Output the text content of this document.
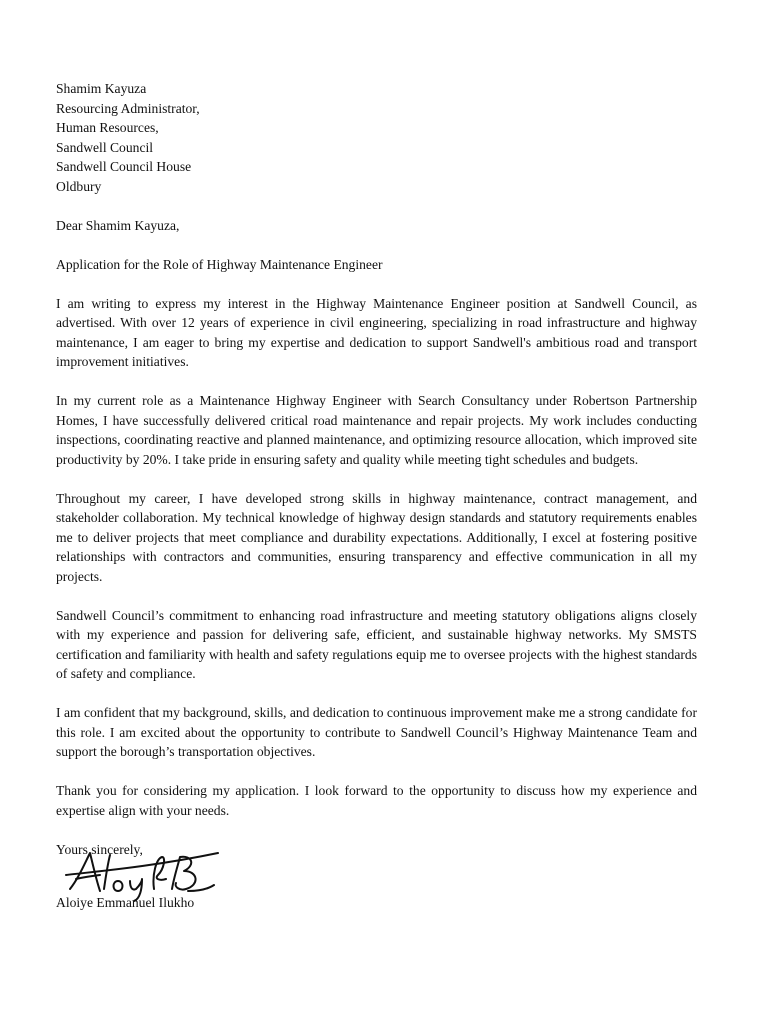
Shamim Kayuza
Resourcing Administrator,
Human Resources,
Sandwell Council
Sandwell Council House
Oldbury
Dear Shamim Kayuza,
Application for the Role of Highway Maintenance Engineer

I am writing to express my interest in the Highway Maintenance Engineer position at Sandwell Council, as advertised. With over 12 years of experience in civil engineering, specializing in road infrastructure and highway maintenance, I am eager to bring my expertise and dedication to support Sandwell's ambitious road and transport improvement initiatives.

In my current role as a Maintenance Highway Engineer with Search Consultancy under Robertson Partnership Homes, I have successfully delivered critical road maintenance and repair projects. My work includes conducting inspections, coordinating reactive and planned maintenance, and optimizing resource allocation, which improved site productivity by 20%. I take pride in ensuring safety and quality while meeting tight schedules and budgets.

Throughout my career, I have developed strong skills in highway maintenance, contract management, and stakeholder collaboration. My technical knowledge of highway design standards and statutory requirements enables me to deliver projects that meet compliance and durability expectations. Additionally, I excel at fostering positive relationships with contractors and communities, ensuring transparency and effective communication in all my projects.

Sandwell Council’s commitment to enhancing road infrastructure and meeting statutory obligations aligns closely with my experience and passion for delivering safe, efficient, and sustainable highway networks. My SMSTS certification and familiarity with health and safety regulations equip me to oversee projects with the highest standards of safety and compliance.

I am confident that my background, skills, and dedication to continuous improvement make me a strong candidate for this role. I am excited about the opportunity to contribute to Sandwell Council’s Highway Maintenance Team and support the borough’s transportation objectives.

Thank you for considering my application. I look forward to the opportunity to discuss how my experience and expertise align with your needs.

Yours sincerely,
Aloiye Emmanuel Ilukho
